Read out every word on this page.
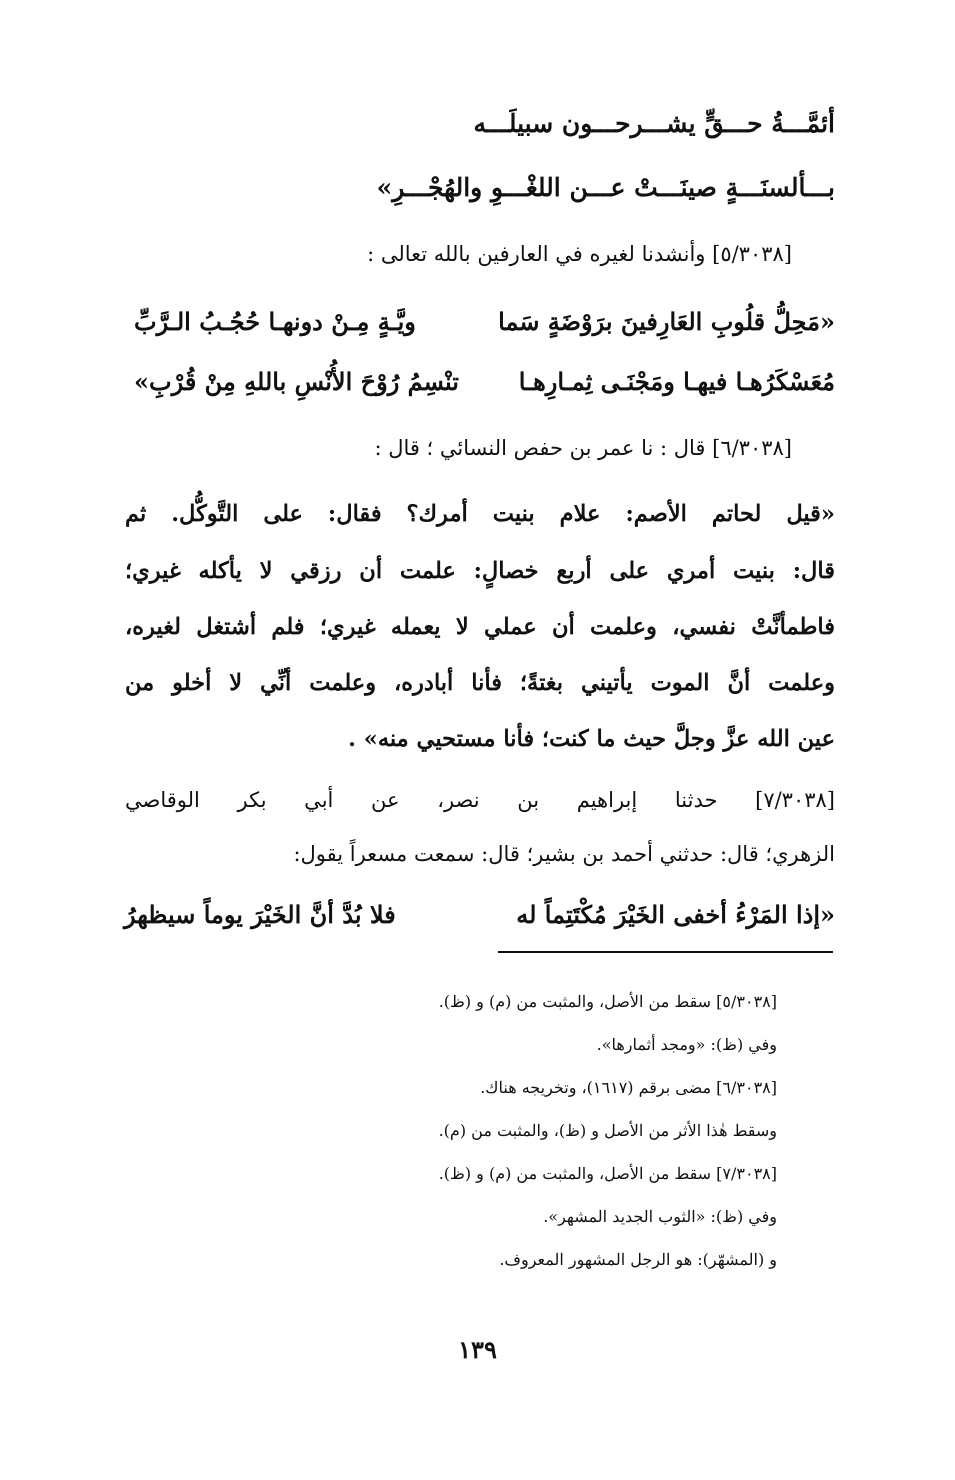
أئمَّـــةُ حـــقٍّ يشـــرحـــون سبيلَـــه
بـــألسنَـــةٍ صينَـــتْ عـــن اللغْـــوِ والهُجْـــرِ»
[٥/٣٠٣٨] وأنشدنا لغيره في العارفين بالله تعالى :
«مَحِلُّ قلُوبِ العَارِفينَ برَوْضَةٍ سَما
ويَّـةٍ مِـنْ دونهـا حُجُـبُ الـرَّبِّ
مُعَسْكَرُهـا فيهـا ومَجْنَـى ثِمـارِهـا
تنْسِمُ رُوْحَ الأُنْسِ باللهِ مِنْ قُرْبِ»
[٦/٣٠٣٨] قال : نا عمر بن حفص النسائي ؛ قال :
«قيل لحاتم الأصم: علام بنيت أمرك؟ فقال: على التَّوكُّل. ثم
قال: بنيت أمري على أربع خصالٍ: علمت أن رزقي لا يأكله غيري؛
فاطمأنَّتْ نفسي، وعلمت أن عملي لا يعمله غيري؛ فلم أشتغل لغيره،
وعلمت أنَّ الموت يأتيني بغتةً؛ فأنا أبادره، وعلمت أنِّي لا أخلو من
عين الله عزَّ وجلَّ حيث ما كنت؛ فأنا مستحيي منه» .
[٧/٣٠٣٨] حدثنا إبراهيم بن نصر، عن أبي بكر الوقاصي
الزهري؛ قال: حدثني أحمد بن بشير؛ قال: سمعت مسعراً يقول:
«إذا المَرْءُ أخفى الخَيْرَ مُكْتَتِماً له
فلا بُدَّ أنَّ الخَيْرَ يوماً سيظهرُ
[٥/٣٠٣٨] سقط من الأصل، والمثبت من (م) و (ظ).
وفي (ظ): «ومجد أثمارها».
[٦/٣٠٣٨] مضى برقم (١٦١٧)، وتخريجه هناك.
وسقط هٰذا الأثر من الأصل و (ظ)، والمثبت من (م).
[٧/٣٠٣٨] سقط من الأصل، والمثبت من (م) و (ظ).
وفي (ظ): «الثوب الجديد المشهر».
و (المشهّر): هو الرجل المشهور المعروف.
١٣٩
